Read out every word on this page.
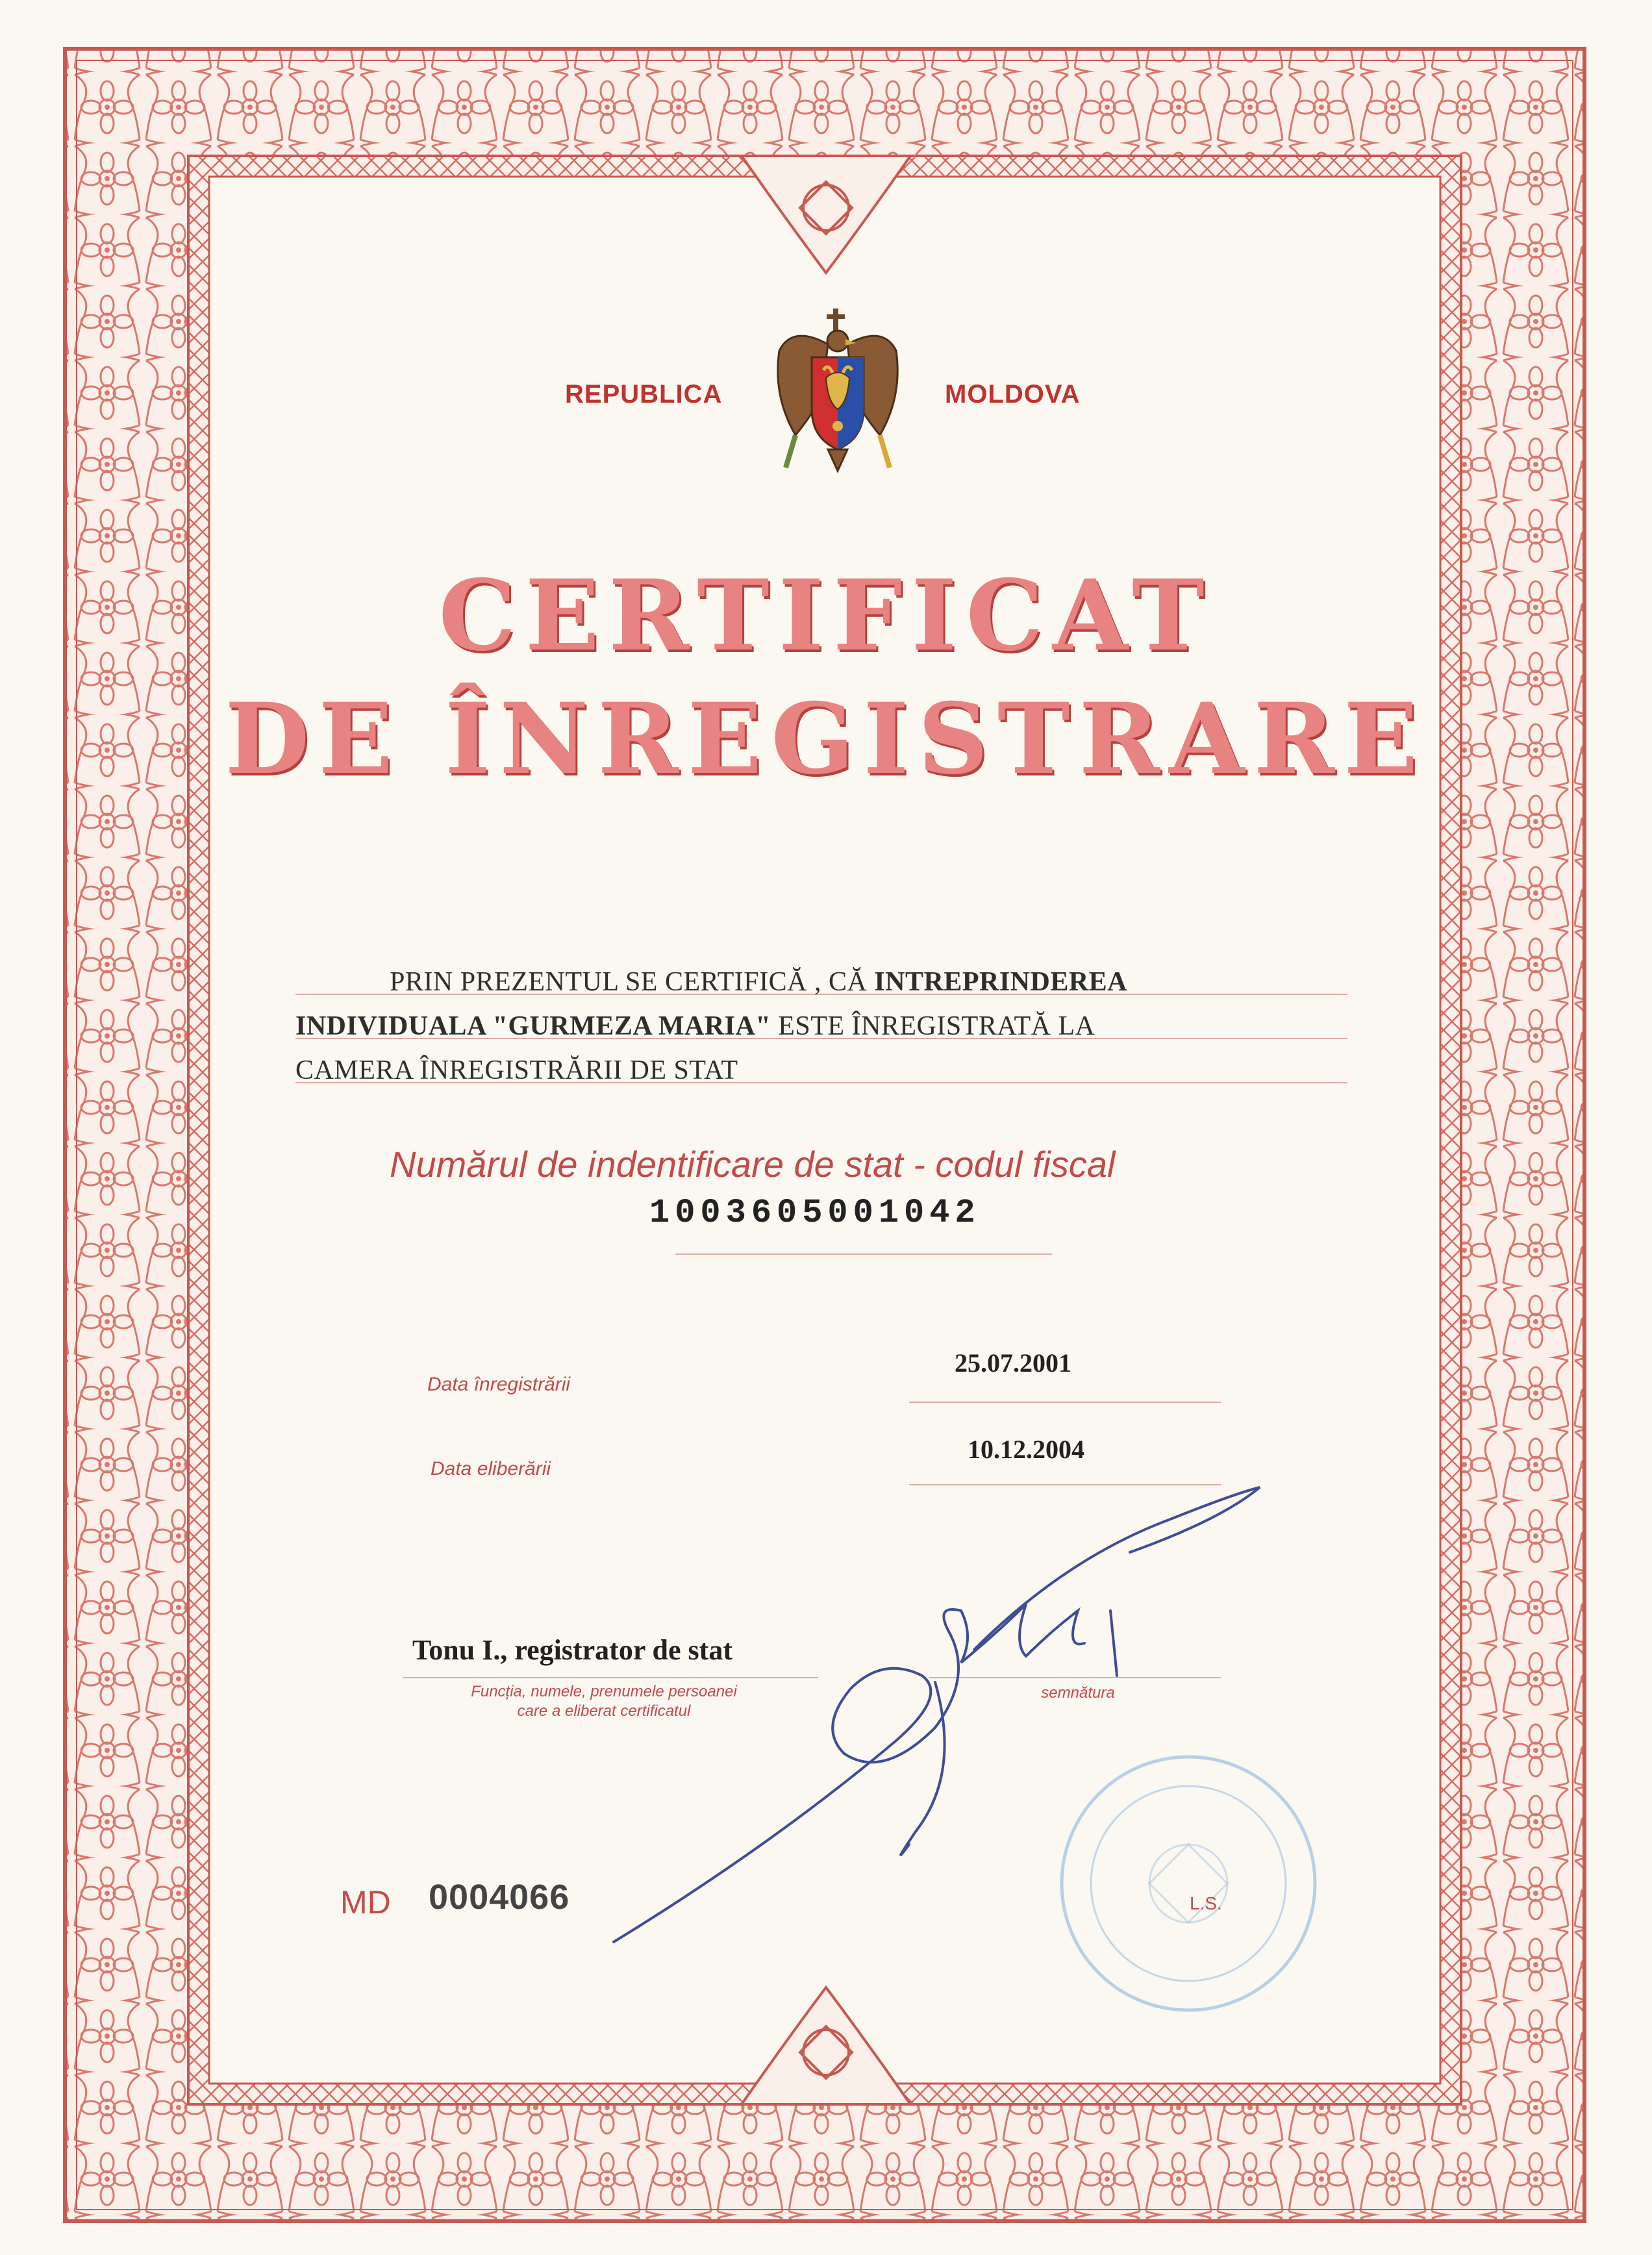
REPUBLICA	MOLDOVA
CERTIFICAT
DE ÎNREGISTRARE
PRIN PREZENTUL SE CERTIFICĂ , CĂ INTREPRINDEREA
INDIVIDUALA "GURMEZA MARIA" ESTE ÎNREGISTRATĂ LA
CAMERA ÎNREGISTRĂRII DE STAT
Numărul de indentificare de stat - codul fiscal
1003605001042
Data înregistrării
25.07.2001
Data eliberării
10.12.2004
Tonu I., registrator de stat
Funcția, numele, prenumele persoanei
care a eliberat certificatul
semnătura
L.S.
MD 0004066
